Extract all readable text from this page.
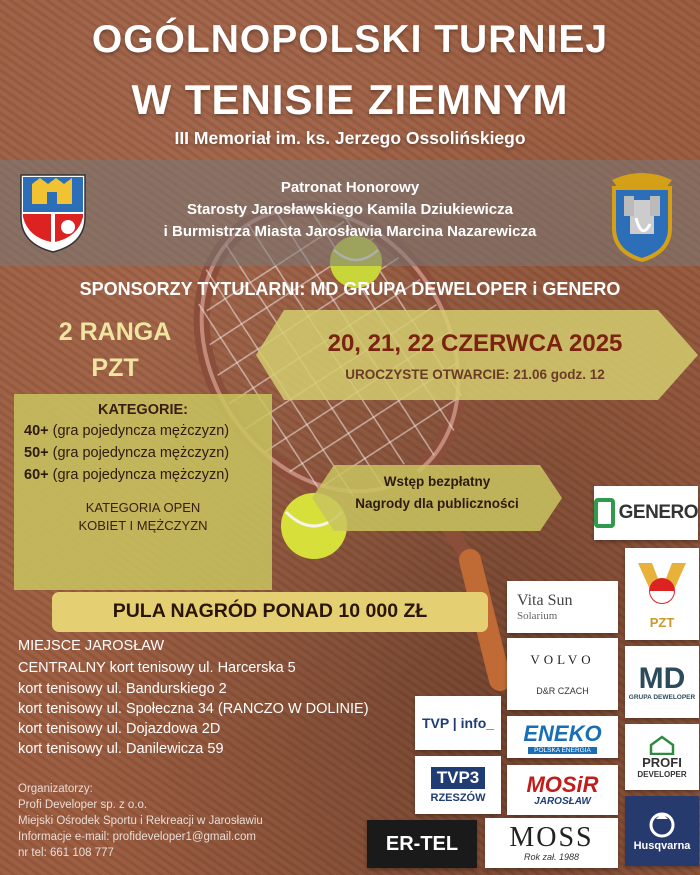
OGÓLNOPOLSKI TURNIEJ
W TENISIE ZIEMNYM
III Memoriał im. ks. Jerzego Ossolińskiego
Patronat Honorowy
Starosty Jarosławskiego Kamila Dziukiewicza
i Burmistrza Miasta Jarosławia Marcina Nazarewicza
SPONSORZY TYTULARNI: MD GRUPA DEWELOPER i GENERO
2 RANGA
PZT
20, 21, 22 CZERWCA 2025
UROCZYSTE OTWARCIE: 21.06 godz. 12
KATEGORIE:
40+ (gra pojedyncza mężczyzn)
50+ (gra pojedyncza mężczyzn)
60+ (gra pojedyncza mężczyzn)
KATEGORIA OPEN
KOBIET I MĘŻCZYZN
Wstęp bezpłatny
Nagrody dla publiczności
PULA NAGRÓD PONAD 10 000 ZŁ
MIEJSCE JAROSŁAW
CENTRALNY kort tenisowy ul. Harcerska 5
kort tenisowy ul. Bandurskiego 2
kort tenisowy ul. Społeczna 34 (RANCZO W DOLINIE)
kort tenisowy ul. Dojazdowa 2D
kort tenisowy ul. Danilewicza 59
Organizatorzy:
Profi Developer sp. z o.o.
Miejski Ośrodek Sportu i Rekreacji w Jarosławiu
Informacje e-mail: profideveloper1@gmail.com
nr tel: 661 108 777
GENERO
Vita Sun
Solarium	PZT
VOLVO
D&R CZACH MD
GRUPA DEWELOPER
TVP | info_ ENEKO
POLSKA ENERGIA
PROFI
DEVELOPER
TVP3
RZESZÓW
MOSiR
JAROSŁAW
Husqvarna
ER-TEL MOSS
Rok zał. 1988
